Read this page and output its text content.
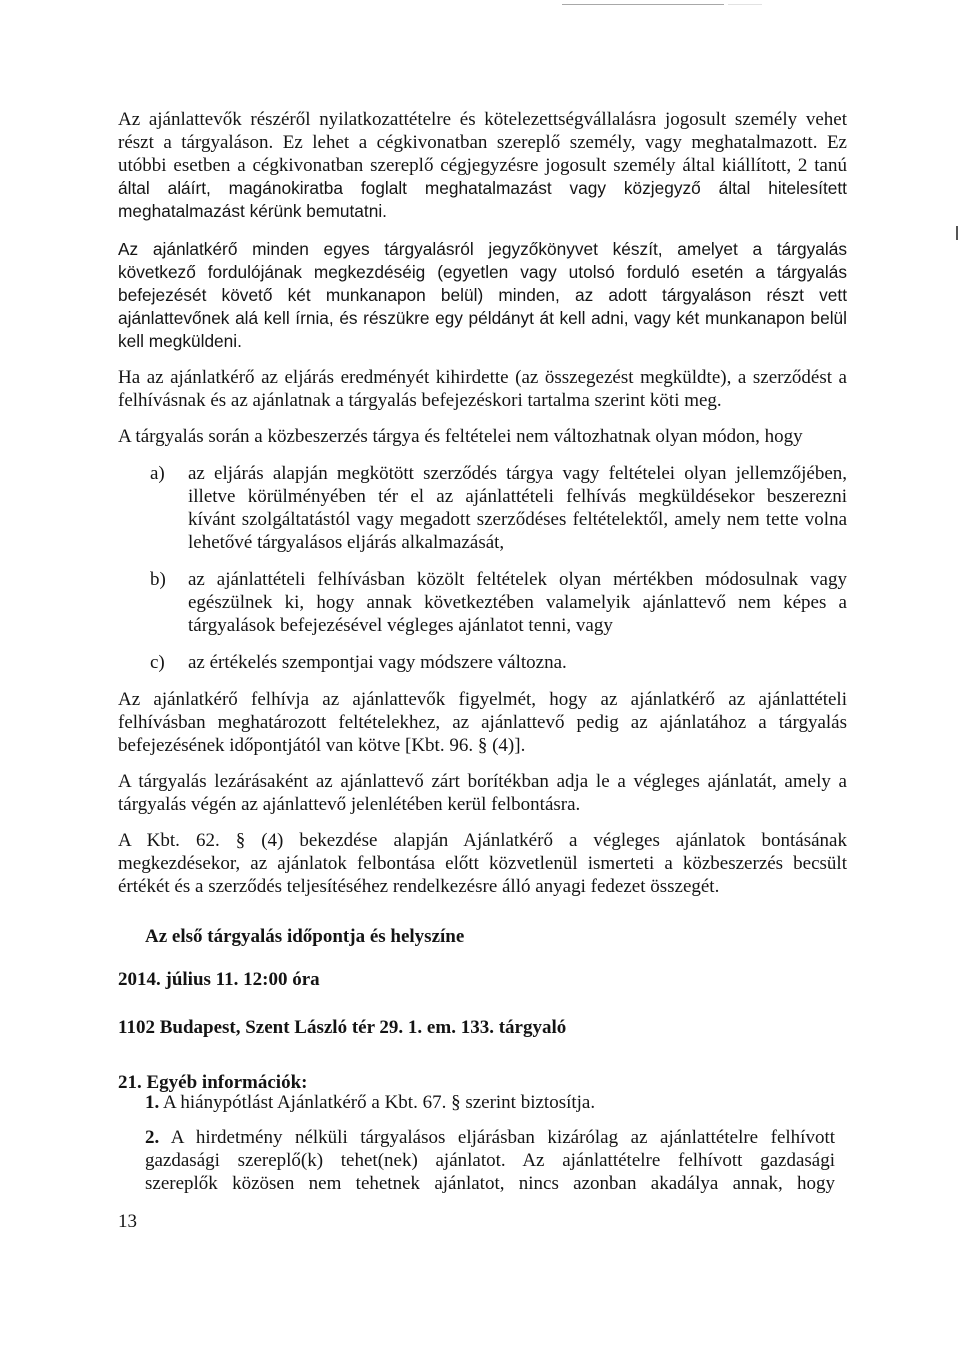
Az ajánlattevők részéről nyilatkozattételre és kötelezettségvállalásra jogosult személy vehet
részt a tárgyaláson. Ez lehet a cégkivonatban szereplő személy, vagy meghatalmazott. Ez
utóbbi esetben a cégkivonatban szereplő cégjegyzésre jogosult személy által kiállított, 2 tanú
által aláírt, magánokiratba foglalt meghatalmazást vagy közjegyző által hitelesített
meghatalmazást kérünk bemutatni.
Az ajánlatkérő minden egyes tárgyalásról jegyzőkönyvet készít, amelyet a tárgyalás
következő fordulójának megkezdéséig (egyetlen vagy utolsó forduló esetén a tárgyalás
befejezését követő két munkanapon belül) minden, az adott tárgyaláson részt vett
ajánlattevőnek alá kell írnia, és részükre egy példányt át kell adni, vagy két munkanapon belül
kell megküldeni.
Ha az ajánlatkérő az eljárás eredményét kihirdette (az összegezést megküldte), a szerződést a
felhívásnak és az ajánlatnak a tárgyalás befejezéskori tartalma szerint köti meg.
A tárgyalás során a közbeszerzés tárgya és feltételei nem változhatnak olyan módon, hogy
a) az eljárás alapján megkötött szerződés tárgya vagy feltételei olyan jellemzőjében,
illetve körülményében tér el az ajánlattételi felhívás megküldésekor beszerezni
kívánt szolgáltatástól vagy megadott szerződéses feltételektől, amely nem tette volna
lehetővé tárgyalásos eljárás alkalmazását,
b) az ajánlattételi felhívásban közölt feltételek olyan mértékben módosulnak vagy
egészülnek ki, hogy annak következtében valamelyik ajánlattevő nem képes a
tárgyalások befejezésével végleges ajánlatot tenni, vagy
c) az értékelés szempontjai vagy módszere változna.
Az ajánlatkérő felhívja az ajánlattevők figyelmét, hogy az ajánlatkérő az ajánlattételi
felhívásban meghatározott feltételekhez, az ajánlattevő pedig az ajánlatához a tárgyalás
befejezésének időpontjától van kötve [Kbt. 96. § (4)].
A tárgyalás lezárásaként az ajánlattevő zárt borítékban adja le a végleges ajánlatát, amely a
tárgyalás végén az ajánlattevő jelenlétében kerül felbontásra.
A Kbt. 62. § (4) bekezdése alapján Ajánlatkérő a végleges ajánlatok bontásának
megkezdésekor, az ajánlatok felbontása előtt közvetlenül ismerteti a közbeszerzés becsült
értékét és a szerződés teljesítéséhez rendelkezésre álló anyagi fedezet összegét.
Az első tárgyalás időpontja és helyszíne
2014. július 11. 12:00 óra
1102 Budapest, Szent László tér 29. 1. em. 133. tárgyaló
21. Egyéb információk:
1. A hiánypótlást Ajánlatkérő a Kbt. 67. § szerint biztosítja.
2. A hirdetmény nélküli tárgyalásos eljárásban kizárólag az ajánlattételre felhívott
gazdasági szereplő(k) tehet(nek) ajánlatot. Az ajánlattételre felhívott gazdasági
szereplők közösen nem tehetnek ajánlatot, nincs azonban akadálya annak, hogy
13
